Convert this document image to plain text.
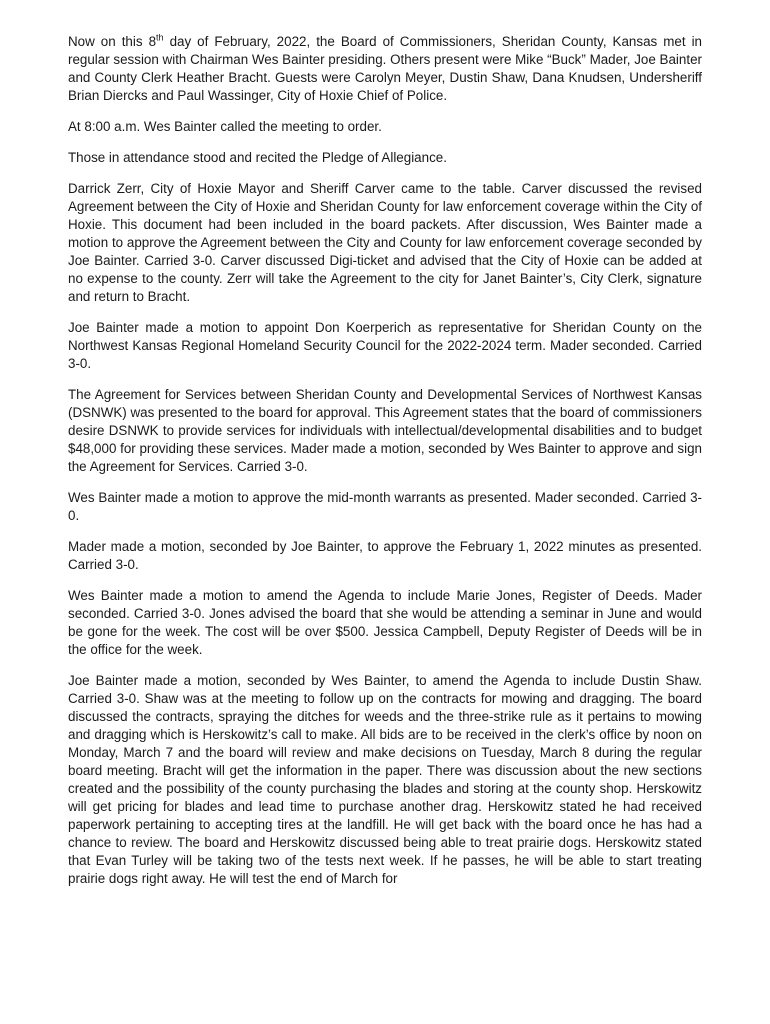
Now on this 8th day of February, 2022, the Board of Commissioners, Sheridan County, Kansas met in regular session with Chairman Wes Bainter presiding. Others present were Mike “Buck” Mader, Joe Bainter and County Clerk Heather Bracht. Guests were Carolyn Meyer, Dustin Shaw, Dana Knudsen, Undersheriff Brian Diercks and Paul Wassinger, City of Hoxie Chief of Police.

At 8:00 a.m. Wes Bainter called the meeting to order.

Those in attendance stood and recited the Pledge of Allegiance.

Darrick Zerr, City of Hoxie Mayor and Sheriff Carver came to the table. Carver discussed the revised Agreement between the City of Hoxie and Sheridan County for law enforcement coverage within the City of Hoxie. This document had been included in the board packets. After discussion, Wes Bainter made a motion to approve the Agreement between the City and County for law enforcement coverage seconded by Joe Bainter. Carried 3-0. Carver discussed Digi-ticket and advised that the City of Hoxie can be added at no expense to the county. Zerr will take the Agreement to the city for Janet Bainter’s, City Clerk, signature and return to Bracht.

Joe Bainter made a motion to appoint Don Koerperich as representative for Sheridan County on the Northwest Kansas Regional Homeland Security Council for the 2022-2024 term. Mader seconded. Carried 3-0.

The Agreement for Services between Sheridan County and Developmental Services of Northwest Kansas (DSNWK) was presented to the board for approval. This Agreement states that the board of commissioners desire DSNWK to provide services for individuals with intellectual/developmental disabilities and to budget $48,000 for providing these services. Mader made a motion, seconded by Wes Bainter to approve and sign the Agreement for Services. Carried 3-0.

Wes Bainter made a motion to approve the mid-month warrants as presented. Mader seconded. Carried 3-0.

Mader made a motion, seconded by Joe Bainter, to approve the February 1, 2022 minutes as presented. Carried 3-0.

Wes Bainter made a motion to amend the Agenda to include Marie Jones, Register of Deeds. Mader seconded. Carried 3-0. Jones advised the board that she would be attending a seminar in June and would be gone for the week. The cost will be over $500. Jessica Campbell, Deputy Register of Deeds will be in the office for the week.

Joe Bainter made a motion, seconded by Wes Bainter, to amend the Agenda to include Dustin Shaw. Carried 3-0. Shaw was at the meeting to follow up on the contracts for mowing and dragging. The board discussed the contracts, spraying the ditches for weeds and the three-strike rule as it pertains to mowing and dragging which is Herskowitz’s call to make. All bids are to be received in the clerk’s office by noon on Monday, March 7 and the board will review and make decisions on Tuesday, March 8 during the regular board meeting. Bracht will get the information in the paper. There was discussion about the new sections created and the possibility of the county purchasing the blades and storing at the county shop. Herskowitz will get pricing for blades and lead time to purchase another drag. Herskowitz stated he had received paperwork pertaining to accepting tires at the landfill. He will get back with the board once he has had a chance to review. The board and Herskowitz discussed being able to treat prairie dogs. Herskowitz stated that Evan Turley will be taking two of the tests next week. If he passes, he will be able to start treating prairie dogs right away. He will test the end of March for
